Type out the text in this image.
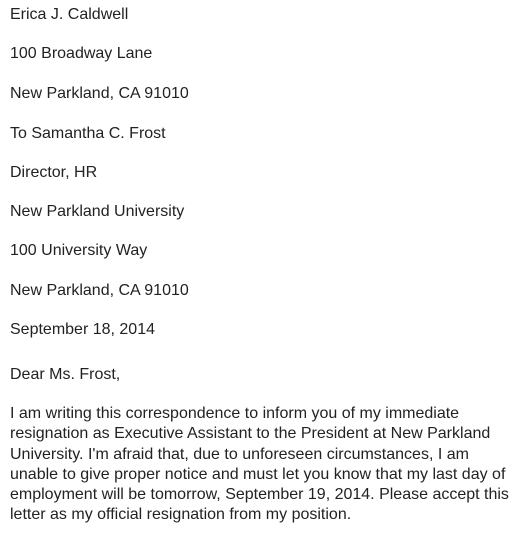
Erica J. Caldwell
100 Broadway Lane
New Parkland, CA 91010
To Samantha C. Frost
Director, HR
New Parkland University
100 University Way
New Parkland, CA 91010
September 18, 2014
Dear Ms. Frost,
I am writing this correspondence to inform you of my immediate
resignation as Executive Assistant to the President at New Parkland
University. I'm afraid that, due to unforeseen circumstances, I am
unable to give proper notice and must let you know that my last day of
employment will be tomorrow, September 19, 2014. Please accept this
letter as my official resignation from my position.
